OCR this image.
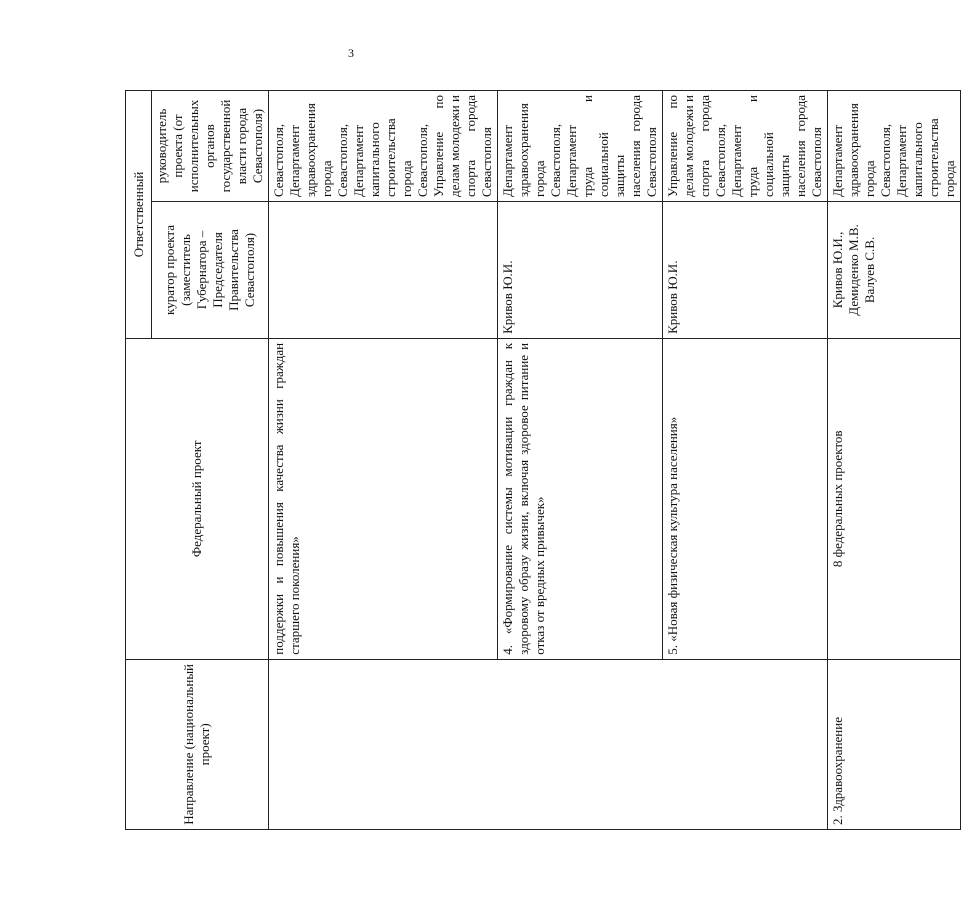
3
Направление (национальный проект)	Федеральный проект	Ответственный	
		куратор проекта (заместитель Губернатора – Председателя Правительства Севастополя)	руководитель проекта (от исполнительных органов государственной власти города Севастополя)
	поддержки и повышения качества жизни граждан старшего поколения»		Севастополя, Департамент здравоохранения города Севастополя, Департамент капитального строительства города Севастополя, Управление по делам молодежи и спорта города Севастополя
	4. «Формирование системы мотивации граждан к здоровому образу жизни, включая здоровое питание и отказ от вредных привычек»	Кривов Ю.И.	Департамент здравоохранения города Севастополя, Департамент труда и социальной защиты населения города Севастополя
	5. «Новая физическая культура населения»	Кривов Ю.И.	Управление по делам молодежи и спорта города Севастополя, Департамент труда и социальной защиты населения города Севастополя
2. Здравоохранение	8 федеральных проектов	Кривов Ю.И., Демиденко М.В. Валуев С.В.	Департамент здравоохранения города Севастополя, Департамент капитального строительства города
